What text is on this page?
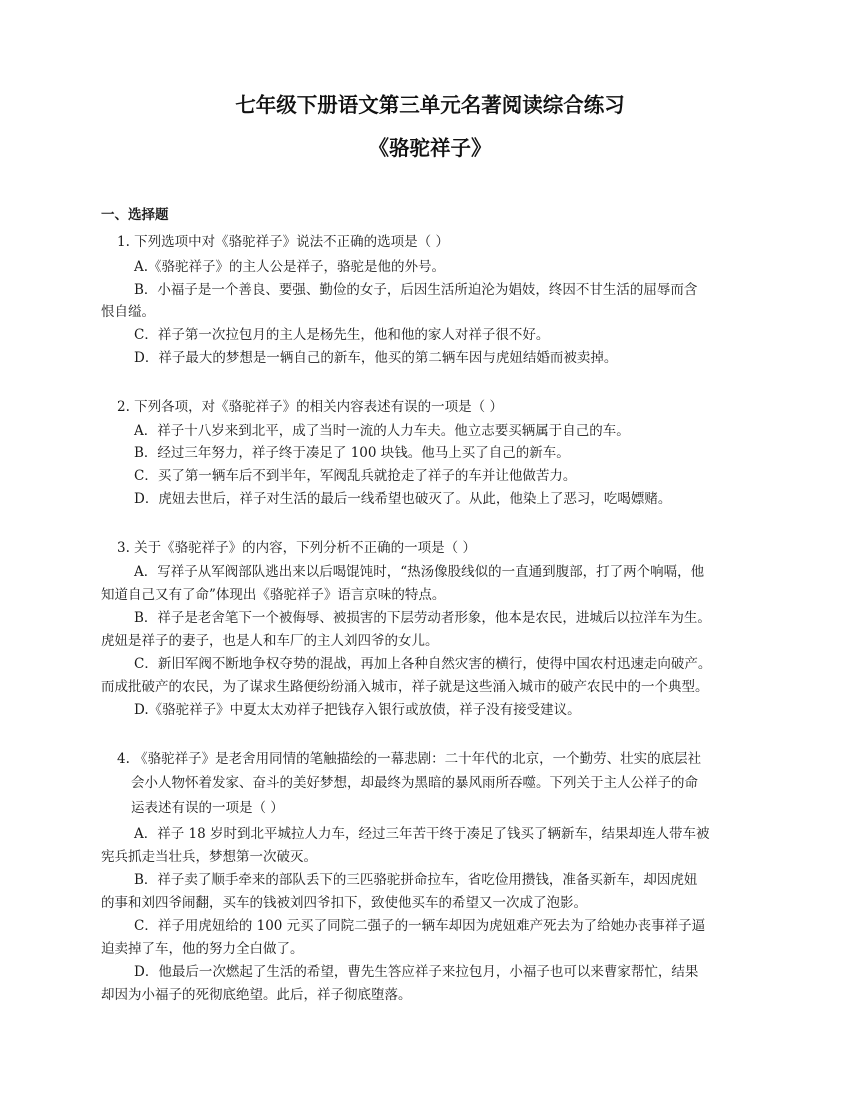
七年级下册语文第三单元名著阅读综合练习
《骆驼祥子》
一、选择题
1. 下列选项中对《骆驼祥子》说法不正确的选项是（ ）
A.《骆驼祥子》的主人公是祥子，骆驼是他的外号。
B．小福子是一个善良、要强、勤俭的女子，后因生活所迫沦为娼妓，终因不甘生活的屈辱而含
恨自缢。
C．祥子第一次拉包月的主人是杨先生，他和他的家人对祥子很不好。
D．祥子最大的梦想是一辆自己的新车，他买的第二辆车因与虎妞结婚而被卖掉。
2. 下列各项，对《骆驼祥子》的相关内容表述有误的一项是（ ）
A．祥子十八岁来到北平，成了当时一流的人力车夫。他立志要买辆属于自己的车。
B．经过三年努力，祥子终于凑足了 100 块钱。他马上买了自己的新车。
C．买了第一辆车后不到半年，军阀乱兵就抢走了祥子的车并让他做苦力。
D．虎妞去世后，祥子对生活的最后一线希望也破灭了。从此，他染上了恶习，吃喝嫖赌。
3. 关于《骆驼祥子》的内容，下列分析不正确的一项是（ ）
A．写祥子从军阀部队逃出来以后喝馄饨时，“热汤像股线似的一直通到腹部，打了两个响嗝，他
知道自己又有了命”体现出《骆驼祥子》语言京味的特点。
B．祥子是老舍笔下一个被侮辱、被损害的下层劳动者形象，他本是农民，进城后以拉洋车为生。
虎妞是祥子的妻子，也是人和车厂的主人刘四爷的女儿。
C．新旧军阀不断地争权夺势的混战，再加上各种自然灾害的横行，使得中国农村迅速走向破产。
而成批破产的农民，为了谋求生路便纷纷涌入城市，祥子就是这些涌入城市的破产农民中的一个典型。
D.《骆驼祥子》中夏太太劝祥子把钱存入银行或放债，祥子没有接受建议。
4. 《骆驼祥子》是老舍用同情的笔触描绘的一幕悲剧：二十年代的北京，一个勤劳、壮实的底层社
会小人物怀着发家、奋斗的美好梦想，却最终为黑暗的暴风雨所吞噬。下列关于主人公祥子的命
运表述有误的一项是（ ）
A．祥子 18 岁时到北平城拉人力车，经过三年苦干终于凑足了钱买了辆新车，结果却连人带车被
宪兵抓走当壮兵，梦想第一次破灭。
B．祥子卖了顺手牵来的部队丢下的三匹骆驼拼命拉车，省吃俭用攒钱，准备买新车，却因虎妞
的事和刘四爷闹翻，买车的钱被刘四爷扣下，致使他买车的希望又一次成了泡影。
C．祥子用虎妞给的 100 元买了同院二强子的一辆车却因为虎妞难产死去为了给她办丧事祥子逼
迫卖掉了车，他的努力全白做了。
D．他最后一次燃起了生活的希望，曹先生答应祥子来拉包月，小福子也可以来曹家帮忙，结果
却因为小福子的死彻底绝望。此后，祥子彻底堕落。
